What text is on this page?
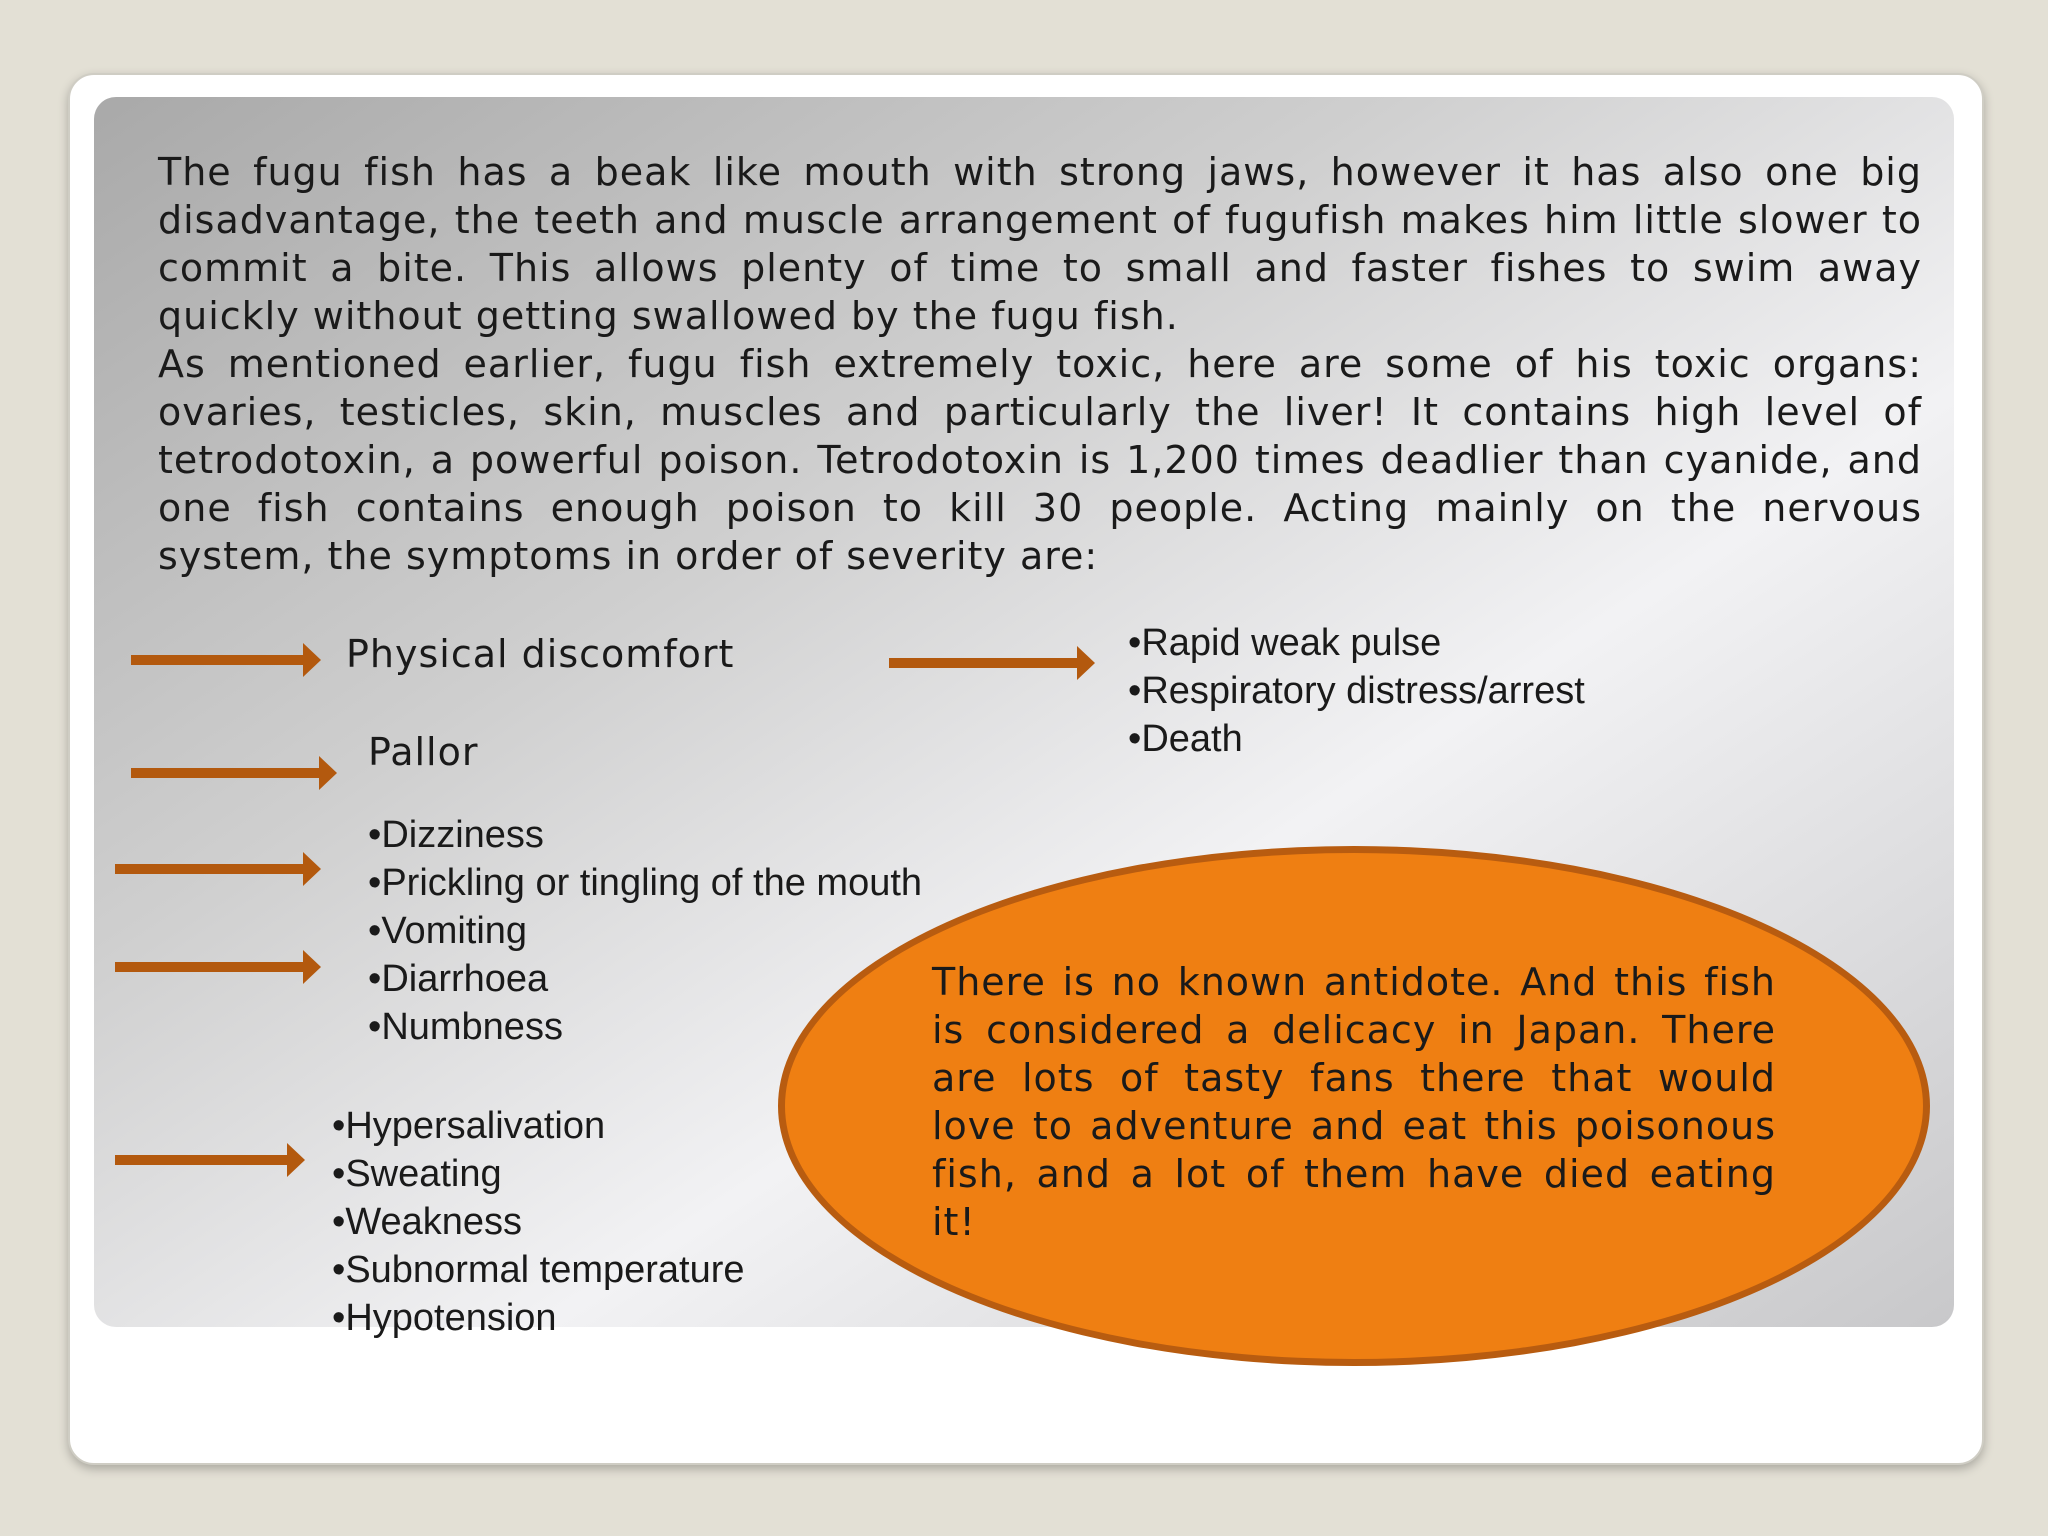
The fugu fish has a beak like mouth with strong jaws, however it has also one big disadvantage, the teeth and muscle arrangement of fugufish makes him little slower to commit a bite. This allows plenty of time to small and faster fishes to swim away quickly without getting swallowed by the fugu fish.

As mentioned earlier, fugu fish extremely toxic, here are some of his toxic organs: ovaries, testicles, skin, muscles and particularly the liver! It contains high level of tetrodotoxin, a powerful poison. Tetrodotoxin is 1,200 times deadlier than cyanide, and one fish contains enough poison to kill 30 people. Acting mainly on the nervous system, the symptoms in order of severity are:

Physical discomfort

Pallor

• Dizziness
• Prickling or tingling of the mouth
• Vomiting
• Diarrhoea
• Numbness
• Hypersalivation
• Sweating
• Weakness
• Subnormal temperature
• Hypotension
• Rapid weak pulse
• Respiratory distress/arrest
• Death

There is no known antidote. And this fish is considered a delicacy in Japan. There are lots of tasty fans there that would love to adventure and eat this poisonous fish, and a lot of them have died eating it!
